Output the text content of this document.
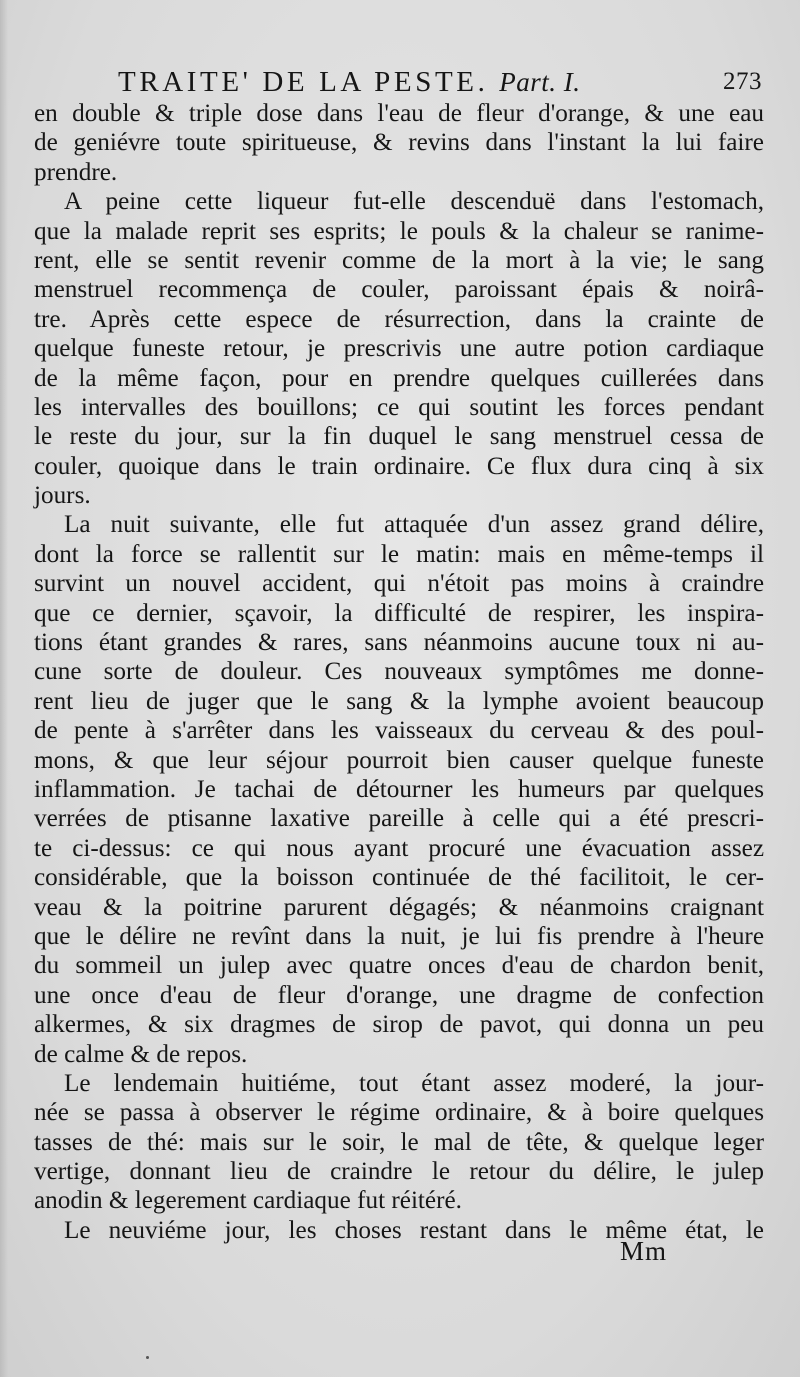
TRAITE' DE LA PESTE. Part. I.	273
en double & triple dose dans l'eau de fleur d'orange, & une eau
de geniévre toute spiritueuse, & revins dans l'instant la lui faire
prendre.
A peine cette liqueur fut-elle descenduë dans l'estomach,
que la malade reprit ses esprits; le pouls & la chaleur se ranime-
rent, elle se sentit revenir comme de la mort à la vie; le sang
menstruel recommença de couler, paroissant épais & noirâ-
tre. Après cette espece de résurrection, dans la crainte de
quelque funeste retour, je prescrivis une autre potion cardiaque
de la même façon, pour en prendre quelques cuillerées dans
les intervalles des bouillons; ce qui soutint les forces pendant
le reste du jour, sur la fin duquel le sang menstruel cessa de
couler, quoique dans le train ordinaire. Ce flux dura cinq à six
jours.
La nuit suivante, elle fut attaquée d'un assez grand délire,
dont la force se rallentit sur le matin: mais en même-temps il
survint un nouvel accident, qui n'étoit pas moins à craindre
que ce dernier, sçavoir, la difficulté de respirer, les inspira-
tions étant grandes & rares, sans néanmoins aucune toux ni au-
cune sorte de douleur. Ces nouveaux symptômes me donne-
rent lieu de juger que le sang & la lymphe avoient beaucoup
de pente à s'arrêter dans les vaisseaux du cerveau & des poul-
mons, & que leur séjour pourroit bien causer quelque funeste
inflammation. Je tachai de détourner les humeurs par quelques
verrées de ptisanne laxative pareille à celle qui a été prescri-
te ci-dessus: ce qui nous ayant procuré une évacuation assez
considérable, que la boisson continuée de thé facilitoit, le cer-
veau & la poitrine parurent dégagés; & néanmoins craignant
que le délire ne revînt dans la nuit, je lui fis prendre à l'heure
du sommeil un julep avec quatre onces d'eau de chardon benit,
une once d'eau de fleur d'orange, une dragme de confection
alkermes, & six dragmes de sirop de pavot, qui donna un peu
de calme & de repos.
Le lendemain huitiéme, tout étant assez moderé, la jour-
née se passa à observer le régime ordinaire, & à boire quelques
tasses de thé: mais sur le soir, le mal de tête, & quelque leger
vertige, donnant lieu de craindre le retour du délire, le julep
anodin & legerement cardiaque fut réitéré.
Le neuviéme jour, les choses restant dans le même état, le
Mm
